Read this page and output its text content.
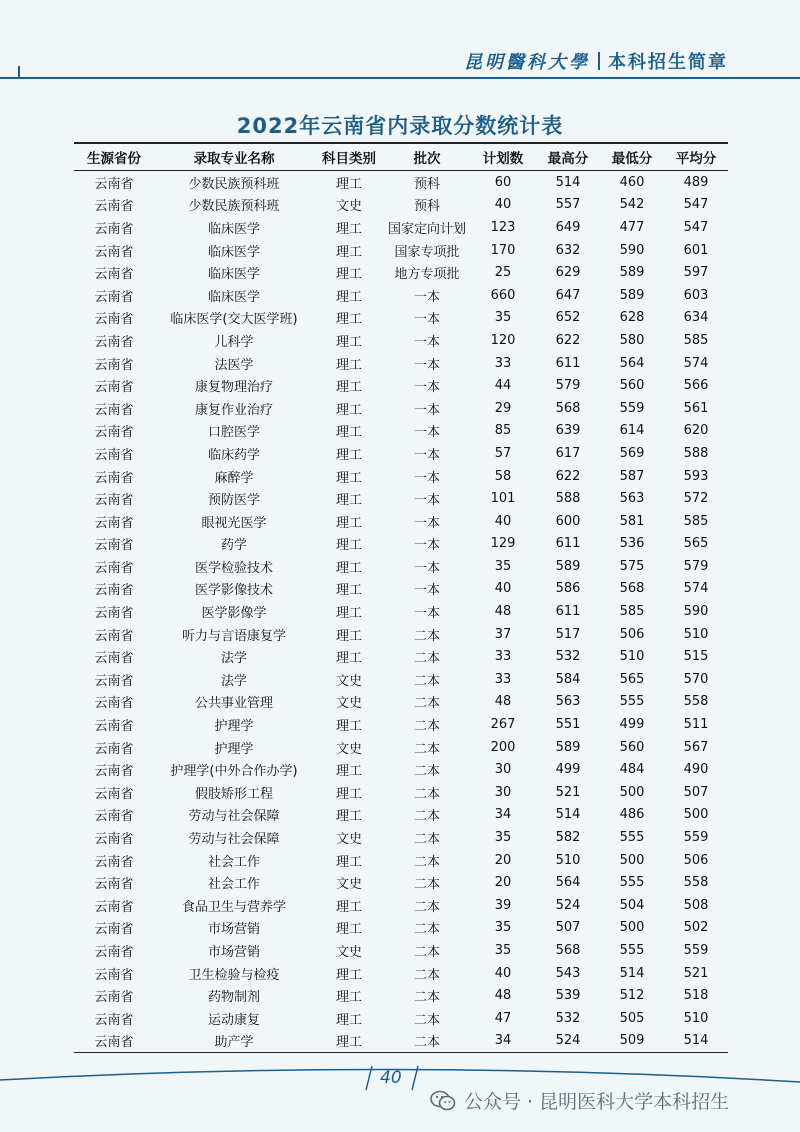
昆明醫科大學 本科招生简章
2022年云南省内录取分数统计表
生源省份	录取专业名称	科目类别	批次	计划数	最高分	最低分	平均分
云南省	少数民族预科班	理工	预科	60	514	460	489
云南省	少数民族预科班	文史	预科	40	557	542	547
云南省	临床医学	理工	国家定向计划	123	649	477	547
云南省	临床医学	理工	国家专项批	170	632	590	601
云南省	临床医学	理工	地方专项批	25	629	589	597
云南省	临床医学	理工	一本	660	647	589	603
云南省	临床医学(交大医学班)	理工	一本	35	652	628	634
云南省	儿科学	理工	一本	120	622	580	585
云南省	法医学	理工	一本	33	611	564	574
云南省	康复物理治疗	理工	一本	44	579	560	566
云南省	康复作业治疗	理工	一本	29	568	559	561
云南省	口腔医学	理工	一本	85	639	614	620
云南省	临床药学	理工	一本	57	617	569	588
云南省	麻醉学	理工	一本	58	622	587	593
云南省	预防医学	理工	一本	101	588	563	572
云南省	眼视光医学	理工	一本	40	600	581	585
云南省	药学	理工	一本	129	611	536	565
云南省	医学检验技术	理工	一本	35	589	575	579
云南省	医学影像技术	理工	一本	40	586	568	574
云南省	医学影像学	理工	一本	48	611	585	590
云南省	听力与言语康复学	理工	二本	37	517	506	510
云南省	法学	理工	二本	33	532	510	515
云南省	法学	文史	二本	33	584	565	570
云南省	公共事业管理	文史	二本	48	563	555	558
云南省	护理学	理工	二本	267	551	499	511
云南省	护理学	文史	二本	200	589	560	567
云南省	护理学(中外合作办学)	理工	二本	30	499	484	490
云南省	假肢矫形工程	理工	二本	30	521	500	507
云南省	劳动与社会保障	理工	二本	34	514	486	500
云南省	劳动与社会保障	文史	二本	35	582	555	559
云南省	社会工作	理工	二本	20	510	500	506
云南省	社会工作	文史	二本	20	564	555	558
云南省	食品卫生与营养学	理工	二本	39	524	504	508
云南省	市场营销	理工	二本	35	507	500	502
云南省	市场营销	文史	二本	35	568	555	559
云南省	卫生检验与检疫	理工	二本	40	543	514	521
云南省	药物制剂	理工	二本	48	539	512	518
云南省	运动康复	理工	二本	47	532	505	510
云南省	助产学	理工	二本	34	524	509	514
40
公众号 · 昆明医科大学本科招生
